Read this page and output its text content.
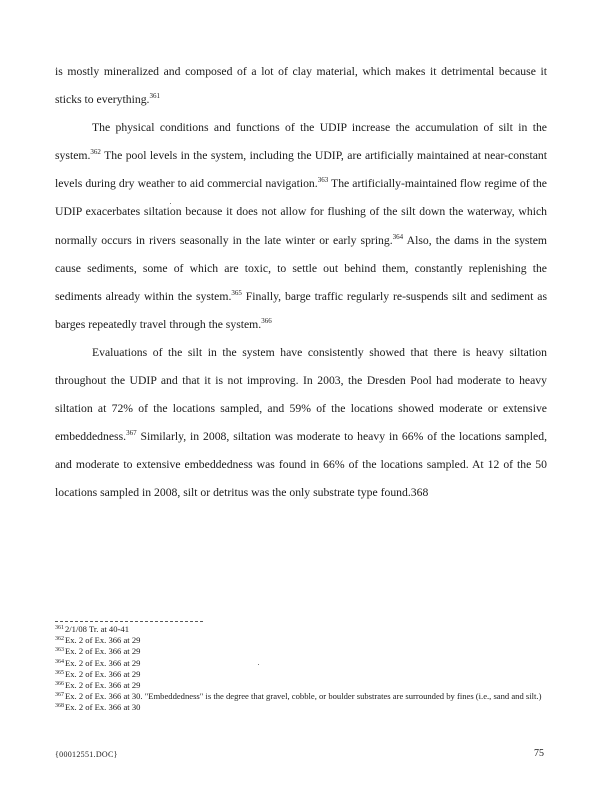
is mostly mineralized and composed of a lot of clay material, which makes it detrimental because it sticks to everything.$^{361}$

The physical conditions and functions of the UDIP increase the accumulation of silt in the system.$^{362}$ The pool levels in the system, including the UDIP, are artificially maintained at near-constant levels during dry weather to aid commercial navigation.$^{363}$ The artificially-maintained flow regime of the UDIP exacerbates siltation because it does not allow for flushing of the silt down the waterway, which normally occurs in rivers seasonally in the late winter or early spring.$^{364}$ Also, the dams in the system cause sediments, some of which are toxic, to settle out behind them, constantly replenishing the sediments already within the system.$^{365}$ Finally, barge traffic regularly re-suspends silt and sediment as barges repeatedly travel through the system.$^{366}$

Evaluations of the silt in the system have consistently showed that there is heavy siltation throughout the UDIP and that it is not improving. In 2003, the Dresden Pool had moderate to heavy siltation at 72% of the locations sampled, and 59% of the locations showed moderate or extensive embeddedness.$^{367}$ Similarly, in 2008, siltation was moderate to heavy in 66% of the locations sampled, and moderate to extensive embeddedness was found in 66% of the locations sampled. At 12 of the 50 locations sampled in 2008, silt or detritus was the only substrate type found.368

$^{361}$2/1/08 Tr. at 40-41

$^{362}$Ex. 2 of Ex. 366 at 29

$^{363}$Ex. 2 of Ex. 366 at 29

$^{364}$Ex. 2 of Ex. 366 at 29

$^{365}$Ex. 2 of Ex. 366 at 29

$^{366}$Ex. 2 of Ex. 366 at 29

$^{367}$Ex. 2 of Ex. 366 at 30. "Embeddedness" is the degree that gravel, cobble, or boulder substrates are surrounded by fines (i.e., sand and silt.)

$^{368}$Ex. 2 of Ex. 366 at 30

{00012551.DOC}	75
